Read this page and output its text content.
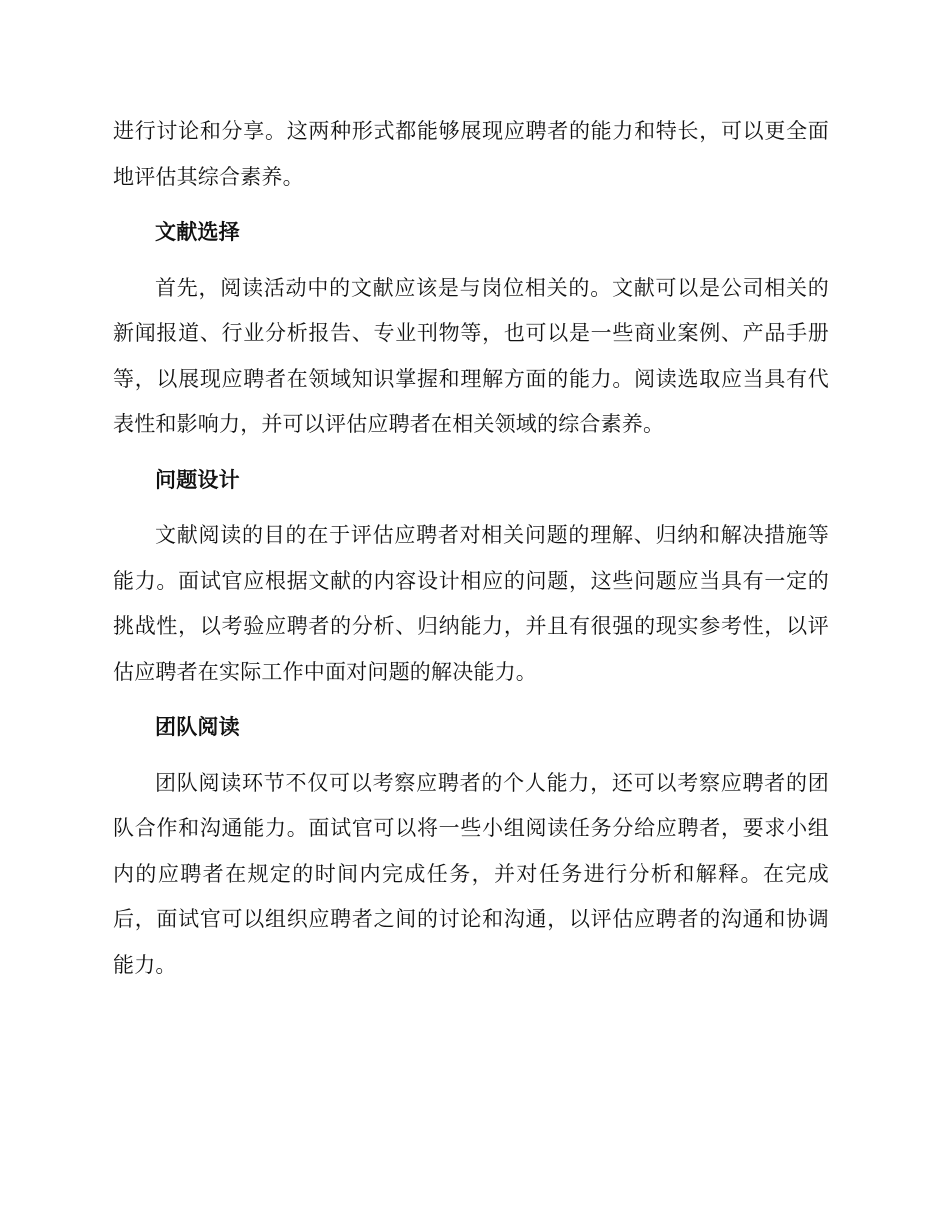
进行讨论和分享。这两种形式都能够展现应聘者的能力和特长，可以更全面地评估其综合素养。

文献选择

首先，阅读活动中的文献应该是与岗位相关的。文献可以是公司相关的新闻报道、行业分析报告、专业刊物等，也可以是一些商业案例、产品手册等，以展现应聘者在领域知识掌握和理解方面的能力。阅读选取应当具有代表性和影响力，并可以评估应聘者在相关领域的综合素养。

问题设计

文献阅读的目的在于评估应聘者对相关问题的理解、归纳和解决措施等能力。面试官应根据文献的内容设计相应的问题，这些问题应当具有一定的挑战性，以考验应聘者的分析、归纳能力，并且有很强的现实参考性，以评估应聘者在实际工作中面对问题的解决能力。

团队阅读

团队阅读环节不仅可以考察应聘者的个人能力，还可以考察应聘者的团队合作和沟通能力。面试官可以将一些小组阅读任务分给应聘者，要求小组内的应聘者在规定的时间内完成任务，并对任务进行分析和解释。在完成后，面试官可以组织应聘者之间的讨论和沟通，以评估应聘者的沟通和协调能力。
